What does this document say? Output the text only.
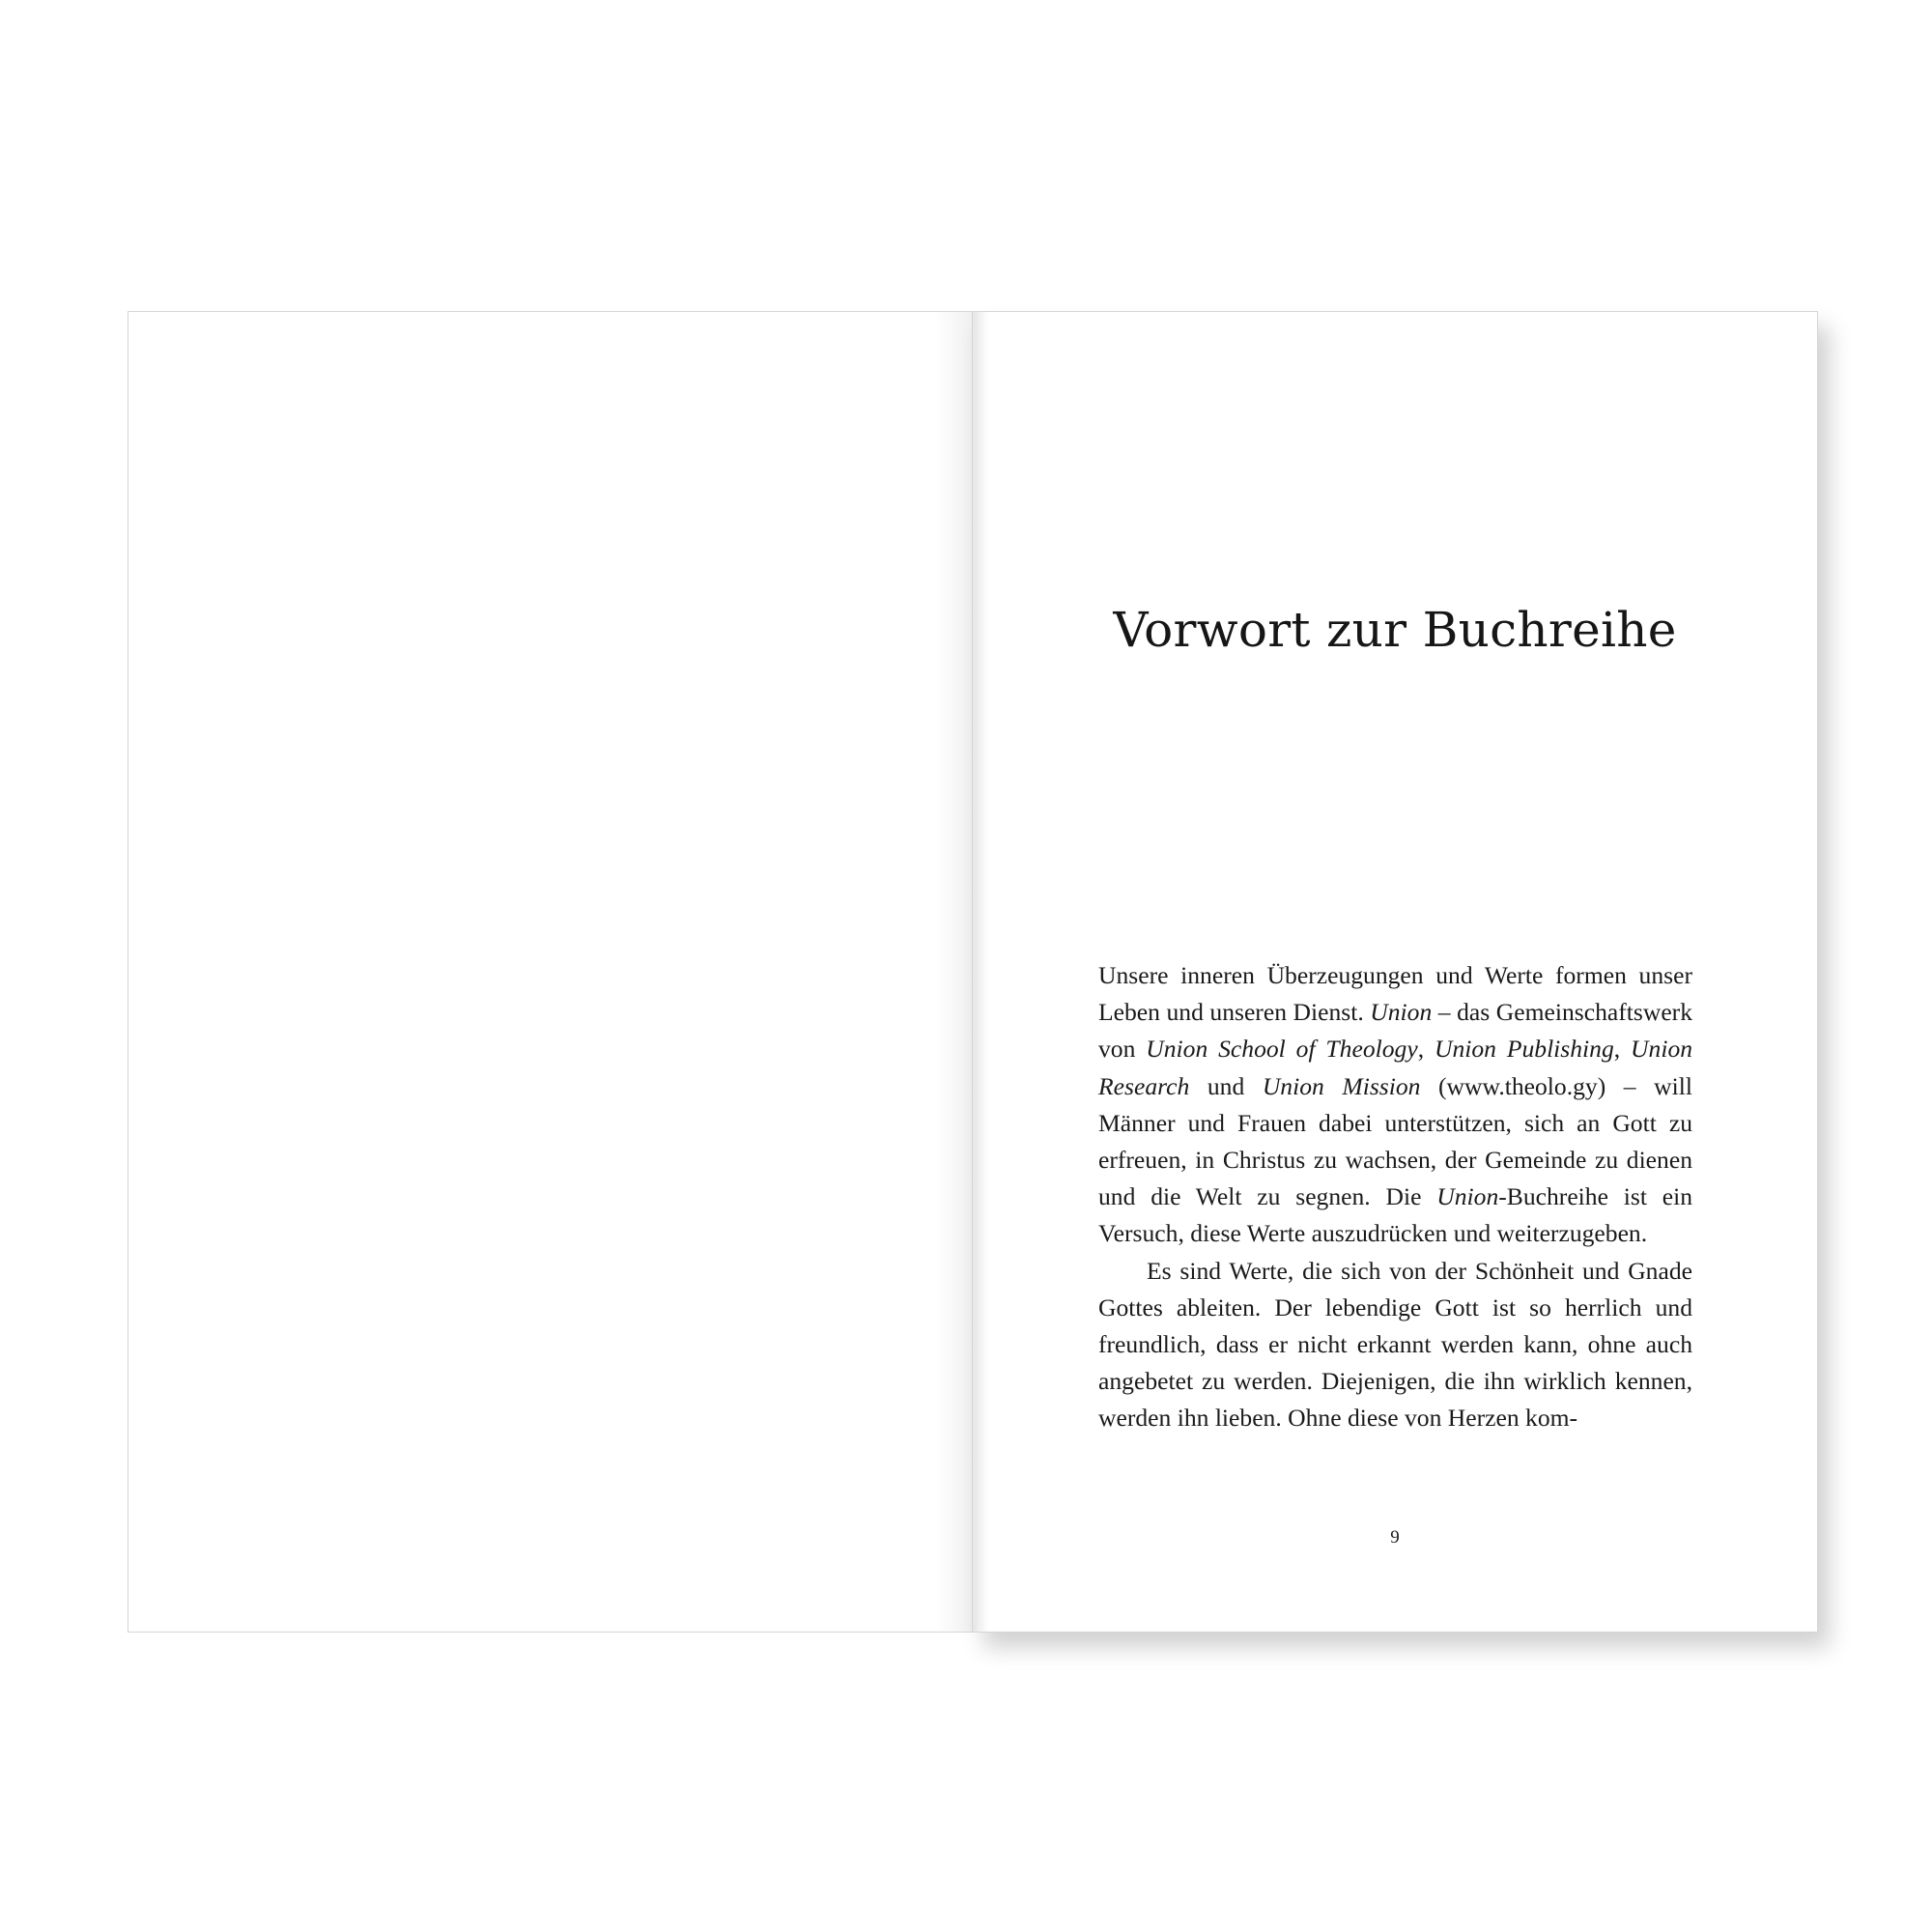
Vorwort zur Buchreihe

Unsere inneren Überzeugungen und Werte formen unser Leben und unseren Dienst. Union – das Gemeinschaftswerk von Union School of Theology, Union Publishing, Union Research und Union Mission (www.theolo.gy) – will Männer und Frauen dabei unterstützen, sich an Gott zu erfreuen, in Christus zu wachsen, der Gemeinde zu dienen und die Welt zu segnen. Die Union-Buchreihe ist ein Versuch, diese Werte auszudrücken und weiterzugeben.

Es sind Werte, die sich von der Schönheit und Gnade Gottes ableiten. Der lebendige Gott ist so herrlich und freundlich, dass er nicht erkannt werden kann, ohne auch angebetet zu werden. Diejenigen, die ihn wirklich kennen, werden ihn lieben. Ohne diese von Herzen kom-

9
